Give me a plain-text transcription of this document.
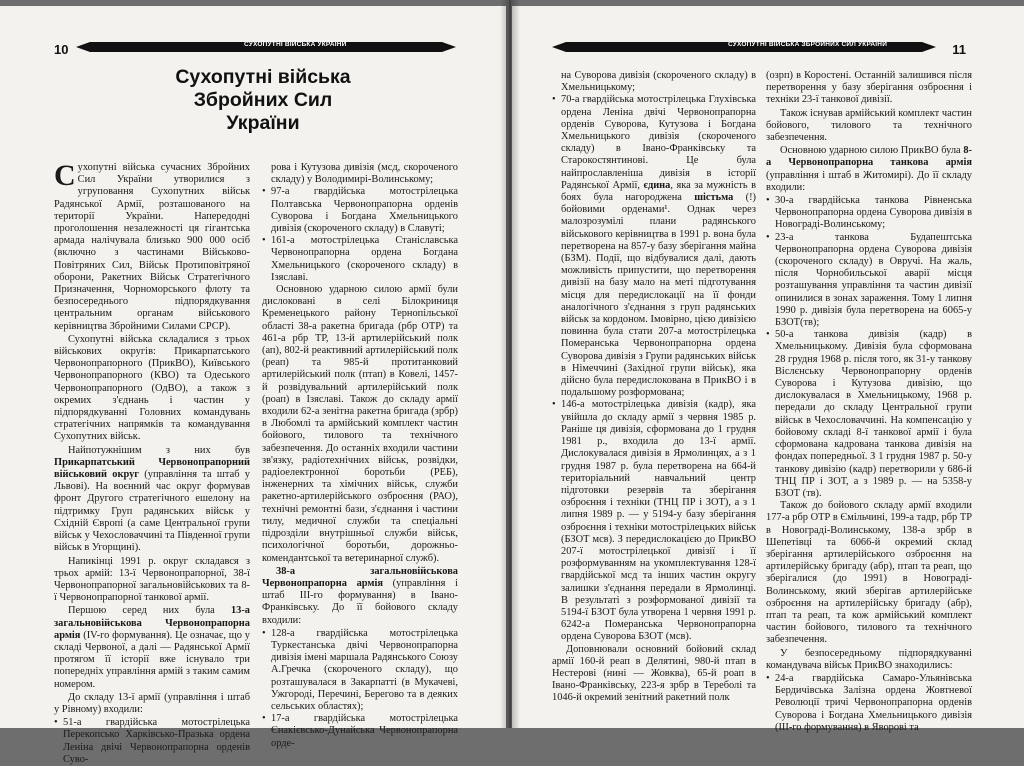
10	СУХОПУТНІ ВІЙСЬКА УКРАЇНИ
Сухопутні війська
Збройних Сил України

Сухопутні війська сучасних Збройних Сил України утворилися з угруповання Сухопутних військ Радянської Армії, розташованого на території України. Напередодні проголошення незалежності ця гігантська армада налічувала близько 900 000 осіб (включно з частинами Військово-Повітряних Сил, Військ Протиповітряної оборони, Ракетних Військ Стратегічного Призначення, Чорноморського флоту та безпосереднього підпорядкування центральним органам військового керівництва Збройними Силами СРСР).

Сухопутні війська складалися з трьох військових округів: Прикарпатського Червонопрапорного (ПрикВО), Київського Червонопрапорного (КВО) та Одеського Червонопрапорного (ОдВО), а також з окремих з'єднань і частин у підпорядкуванні Головних командувань стратегічних напрямків та командування Сухопутних військ.

Найпотужнішим з них був Прикарпатський Червонопрапорний військовий округ (управління та штаб у Львові). На воєнний час округ формував фронт Другого стратегічного ешелону на підтримку Груп радянських військ у Східній Європі (а саме Центральної групи військ у Чехословаччині та Південної групи військ в Угорщині).

Напикінці 1991 р. округ складався з трьох армій: 13-ї Червонопрапорної, 38-ї Червонопрапорної загальновійськових та 8-ї Червонопрапорної танкової армії.

Першою серед них була 13-а загальновійськова Червонопрапорна армія (IV-го формування). Це означає, що у складі Червоної, а далі — Радянської Армії протягом її історії вже існувало три попередніх управління армій з таким самим номером.

До складу 13-ї армії (управління і штаб у Рівному) входили:

• 51-а гвардійська мотострілецька Перекопсько Харківсько-Празька ордена Леніна двічі Червонопрапорна орденів Суво-
рова і Кутузова дивізія (мсд, скороченого складу) у Володимирі-Волинському;
• 97-а гвардійська мотострілецька Полтавська Червонопрапорна орденів Суворова і Богдана Хмельницького дивізія (скороченого складу) в Славуті;
• 161-а мотострілецька Станіславська Червонопрапорна ордена Богдана Хмельницького (скороченого складу) в Ізяславі.

Основною ударною силою армії були дислоковані в селі Білокриниця Кременецького району Тернопільської області 38-а ракетна бригада (рбр ОТР) та 461-а рбр ТР, 13-й артилерійський полк (ап), 802-й реактивний артилерійський полк (реап) та 985-й протитанковий артилерійський полк (птап) в Ковелі, 1457-й розвідувальний артилерійський полк (роап) в Ізяславі. Також до складу армії входили 62-а зенітна ракетна бригада (зрбр) в Любомлі та армійський комплект частин бойового, тилового та технічного забезпечення. До останніх входили частини зв'язку, радіотехнічних військ, розвідки, радіоелектронної боротьби (РЕБ), інженерних та хімічних військ, служби ракетно-артилерійського озброєння (РАО), технічні ремонтні бази, з'єднання і частини тилу, медичної служби та спеціальні підрозділи внутрішньої служби військ, психологічної боротьби, дорожньо-комендантської та ветеринарної служб).

38-а загальновійськова Червонопрапорна армія (управління і штаб III-го формування) в Івано-Франківську. До її бойового складу входили:

• 128-а гвардійська мотострілецька Туркестанська двічі Червонопрапорна дивізія імені маршала Радянського Союзу А.Гречка (скороченого складу), що розташувалася в Закарпатті (в Мукачеві, Ужгороді, Перечині, Берегово та в деяких сельських областях);
• 17-а гвардійська мотострілецька Єнакієвсько-Дунайська Червонопрапорна орде-
СУХОПУТНІ ВІЙСЬКА ЗБРОЙНИХ СИЛ УКРАЇНИ	11
на Суворова дивізія (скороченого складу) в Хмельницькому;
• 70-а гвардійська мотострілецька Глухівська ордена Леніна двічі Червонопрапорна орденів Суворова, Кутузова і Богдана Хмельницького дивізія (скороченого складу) в Івано-Франківську та Старокостянтинові. Це була найпрославленіша дивізія в історії Радянської Армії, єдина, яка за мужність в боях була нагороджена шістьма (!) бойовими орденами¹. Однак через малозрозумілі плани радянського військового керівництва в 1991 р. вона була перетворена на 857-у базу зберігання майна (БЗМ). Події, що відбувалися далі, дають можливість припустити, що перетворення дивізії на базу мало на меті підготування місця для передислокації на її фонди аналогічного з'єднання з груп радянських військ за кордоном. Імовірно, цією дивізією повинна була стати 207-а мотострілецька Померанська Червонопрапорна ордена Суворова дивізія з Групи радянських військ в Німеччині (Західної групи військ), яка дійсно була передислокована в ПрикВО і в подальшому розформована;
• 146-а мотострілецька дивізія (кадр), яка увійшла до складу армії з червня 1985 р. Раніше ця дивізія, сформована до 1 грудня 1981 р., входила до 13-ї армії. Дислокувалася дивізія в Ярмолинцях, а з 1 грудня 1987 р. була перетворена на 664-й територіальний навчальний центр підготовки резервів та зберігання озброєння і техніки (ТНЦ ПР і ЗОТ), а з 1 липня 1989 р. — у 5194-у базу зберігання озброєння і техніки мотострілецьких військ (БЗОТ мсв). З передислокацією до ПрикВО 207-ї мотострілецької дивізії і її розформуванням на укомплектування 128-ї гвардійської мсд та інших частин округу залишки з'єднання передали в Ярмолинці. В результаті з розформованої дивізії та 5194-ї БЗОТ була утворена 1 червня 1991 р. 6242-а Померанська Червонопрапорна ордена Суворова БЗОТ (мсв).

Доповнювали основний бойовий склад армії 160-й реап в Делятині, 980-й птап в Нестерові (нині — Жовква), 65-й роап в Івано-Франківську, 223-я зрбр в Тереболі та 1046-й окремий зенітний ракетний полк

(озрп) в Коростені. Останній залишився після перетворення у базу зберігання озброєння і техніки 23-ї танкової дивізії.

Також існував армійський комплект частин бойового, тилового та технічного забезпечення.

Основною ударною силою ПрикВО була 8-а Червонопрапорна танкова армія (управління і штаб в Житомирі). До її складу входили:

• 30-а гвардійська танкова Рівненська Червонопрапорна ордена Суворова дивізія в Новограді-Волинському;
• 23-а танкова Будапештська Червонопрапорна ордена Суворова дивізія (скороченого складу) в Овручі. На жаль, після Чорнобильської аварії місця розташування управління та частин дивізії опинилися в зонах зараження. Тому 1 липня 1990 р. дивізія була перетворена на 6065-у БЗОТ(тв);
• 50-а танкова дивізія (кадр) в Хмельницькому. Дивізія була сформована 28 грудня 1968 р. після того, як 31-у танкову Віслєнську Червонопрапорну орденів Суворова і Кутузова дивізію, що дислокувалася в Хмельницькому, 1968 р. передали до складу Центральної групи військ в Чехословаччині. На компенсацію у бойовому складі 8-ї танкової армії і була сформована кадрована танкова дивізія на фондах попередньої. З 1 грудня 1987 р. 50-у танкову дивізію (кадр) перетворили у 686-й ТНЦ ПР і ЗОТ, а з 1989 р. — на 5358-у БЗОТ (тв).

Також до бойового складу армії входили 177-а рбр ОТР в Ємільчині, 199-а тадр, рбр ТР в Новограді-Волинському, 138-а зрбр в Шепетівці та 6066-й окремий склад зберігання артилерійського озброєння на артилерійську бригаду (абр), птап та реап, що зберігалися (до 1991) в Новограді-Волинському, який зберігав артилерійське озброєння на артилерійську бригаду (абр), птап та реап, та кож армійський комплект частин бойового, тилового та технічного забезпечення.

У безпосередньому підпорядкуванні командувача військ ПрикВО знаходились:

• 24-а гвардійська Самаро-Ульянівська Бердичівська Залізна ордена Жовтневої Революції тричі Червонопрапорна орденів Суворова і Богдана Хмельницького дивізія (III-го формування) в Яворові та
